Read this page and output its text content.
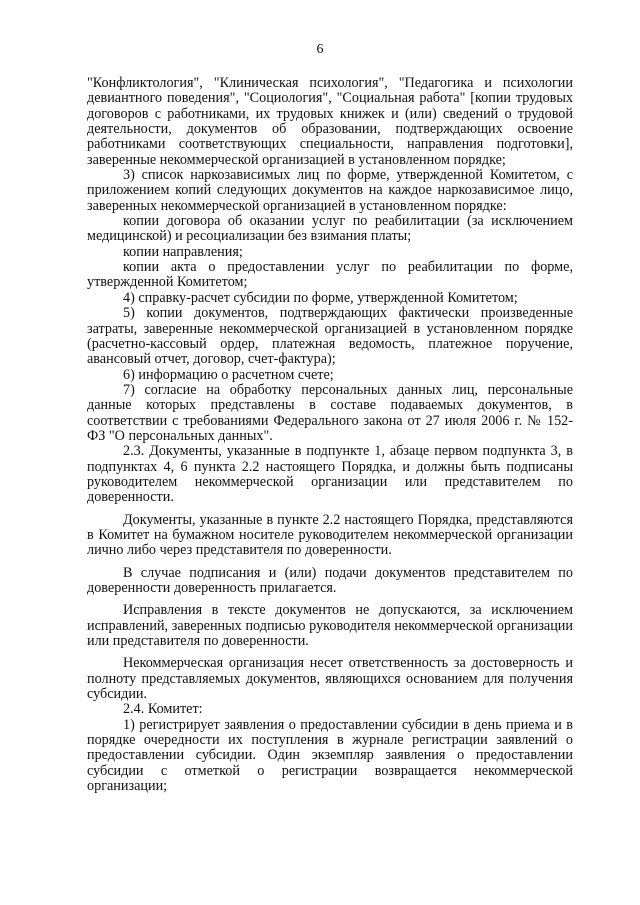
6

"Конфликтология", "Клиническая психология", "Педагогика и психологии девиантного поведения", "Социология", "Социальная работа" [копии трудовых договоров с работниками, их трудовых книжек и (или) сведений о трудовой деятельности, документов об образовании, подтверждающих освоение работниками соответствующих специальности, направления подготовки], заверенные некоммерческой организацией в установленном порядке;

3) список наркозависимых лиц по форме, утвержденной Комитетом, с приложением копий следующих документов на каждое наркозависимое лицо, заверенных некоммерческой организацией в установленном порядке:

копии договора об оказании услуг по реабилитации (за исключением медицинской) и ресоциализации без взимания платы;

копии направления;

копии акта о предоставлении услуг по реабилитации по форме, утвержденной Комитетом;

4) справку-расчет субсидии по форме, утвержденной Комитетом;

5) копии документов, подтверждающих фактически произведенные затраты, заверенные некоммерческой организацией в установленном порядке (расчетно-кассовый ордер, платежная ведомость, платежное поручение, авансовый отчет, договор, счет-фактура);

6) информацию о расчетном счете;

7) согласие на обработку персональных данных лиц, персональные данные которых представлены в составе подаваемых документов, в соответствии с требованиями Федерального закона от 27 июля 2006 г. № 152-ФЗ "О персональных данных".

2.3. Документы, указанные в подпункте 1, абзаце первом подпункта 3, в подпунктах 4, 6 пункта 2.2 настоящего Порядка, и должны быть подписаны руководителем некоммерческой организации или представителем по доверенности.

Документы, указанные в пункте 2.2 настоящего Порядка, представляются в Комитет на бумажном носителе руководителем некоммерческой организации лично либо через представителя по доверенности.

В случае подписания и (или) подачи документов представителем по доверенности доверенность прилагается.

Исправления в тексте документов не допускаются, за исключением исправлений, заверенных подписью руководителя некоммерческой организации или представителя по доверенности.

Некоммерческая организация несет ответственность за достоверность и полноту представляемых документов, являющихся основанием для получения субсидии.

2.4. Комитет:

1) регистрирует заявления о предоставлении субсидии в день приема и в порядке очередности их поступления в журнале регистрации заявлений о предоставлении субсидии. Один экземпляр заявления о предоставлении субсидии с отметкой о регистрации возвращается некоммерческой организации;
